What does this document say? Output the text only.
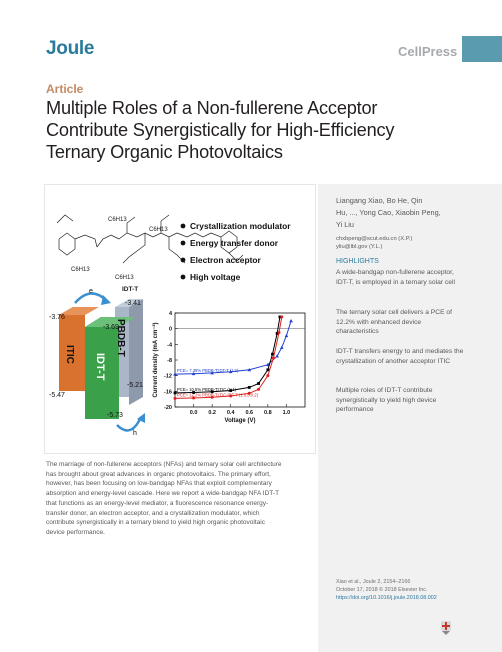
Joule	CellPress
Article
Multiple Roles of a Non-fullerene Acceptor
Contribute Synergistically for High-Efficiency
Ternary Organic Photovoltaics
C6H13
C6H13
C6H13
C6H13
IDT-T
Crystallization modulator
Energy transfer donor
Electron acceptor
High voltage
ITIC IDT-T
PBDB-T
-3.76
-5.47
-3.69
-5.73
-3.41
-5.21
e
h
4
0
-4
-8
-12
-16
-20
0.0 0.2 0.4 0.6 0.8 1.0
Voltage (V)
Current density (mA cm⁻²)	PCE= 7.38% PBDB-T:IDT-T (1:1)
PCE= 10.5% PBDB-T:ITIC (1:1)
PCE= 12.2% PBDB-T:ITIC:IDT-T (1:0.8:0.2)
Liangang Xiao, Bo He, Qin
Hu, ..., Yong Cao, Xiaobin Peng,
Yi Liu
chxbpeng@scut.edu.cn (X.P.)
yliu@lbl.gov (Y.L.)
HIGHLIGHTS
A wide-bandgap non-fullerene acceptor, IDT-T, is employed in a ternary solar cell
The ternary solar cell delivers a PCE of 12.2% with enhanced device characteristics
IDT-T transfers energy to and mediates the crystallization of another acceptor ITIC
Multiple roles of IDT-T contribute synergistically to yield high device performance
Xiao et al., Joule 2, 2154–2166
October 17, 2018 © 2018 Elsevier Inc.
https://doi.org/10.1016/j.joule.2018.08.002
The marriage of non-fullerene acceptors (NFAs) and ternary solar cell architecture
has brought about great advances in organic photovoltaics. The primary effort,
however, has been focusing on low-bandgap NFAs that exploit complementary
absorption and energy-level cascade. Here we report a wide-bandgap NFA IDT-T
that functions as an energy-level mediator, a fluorescence resonance energy-
transfer donor, an electron acceptor, and a crystallization modulator, which
contribute synergistically in a ternary blend to yield high organic photovoltaic
device performance.
